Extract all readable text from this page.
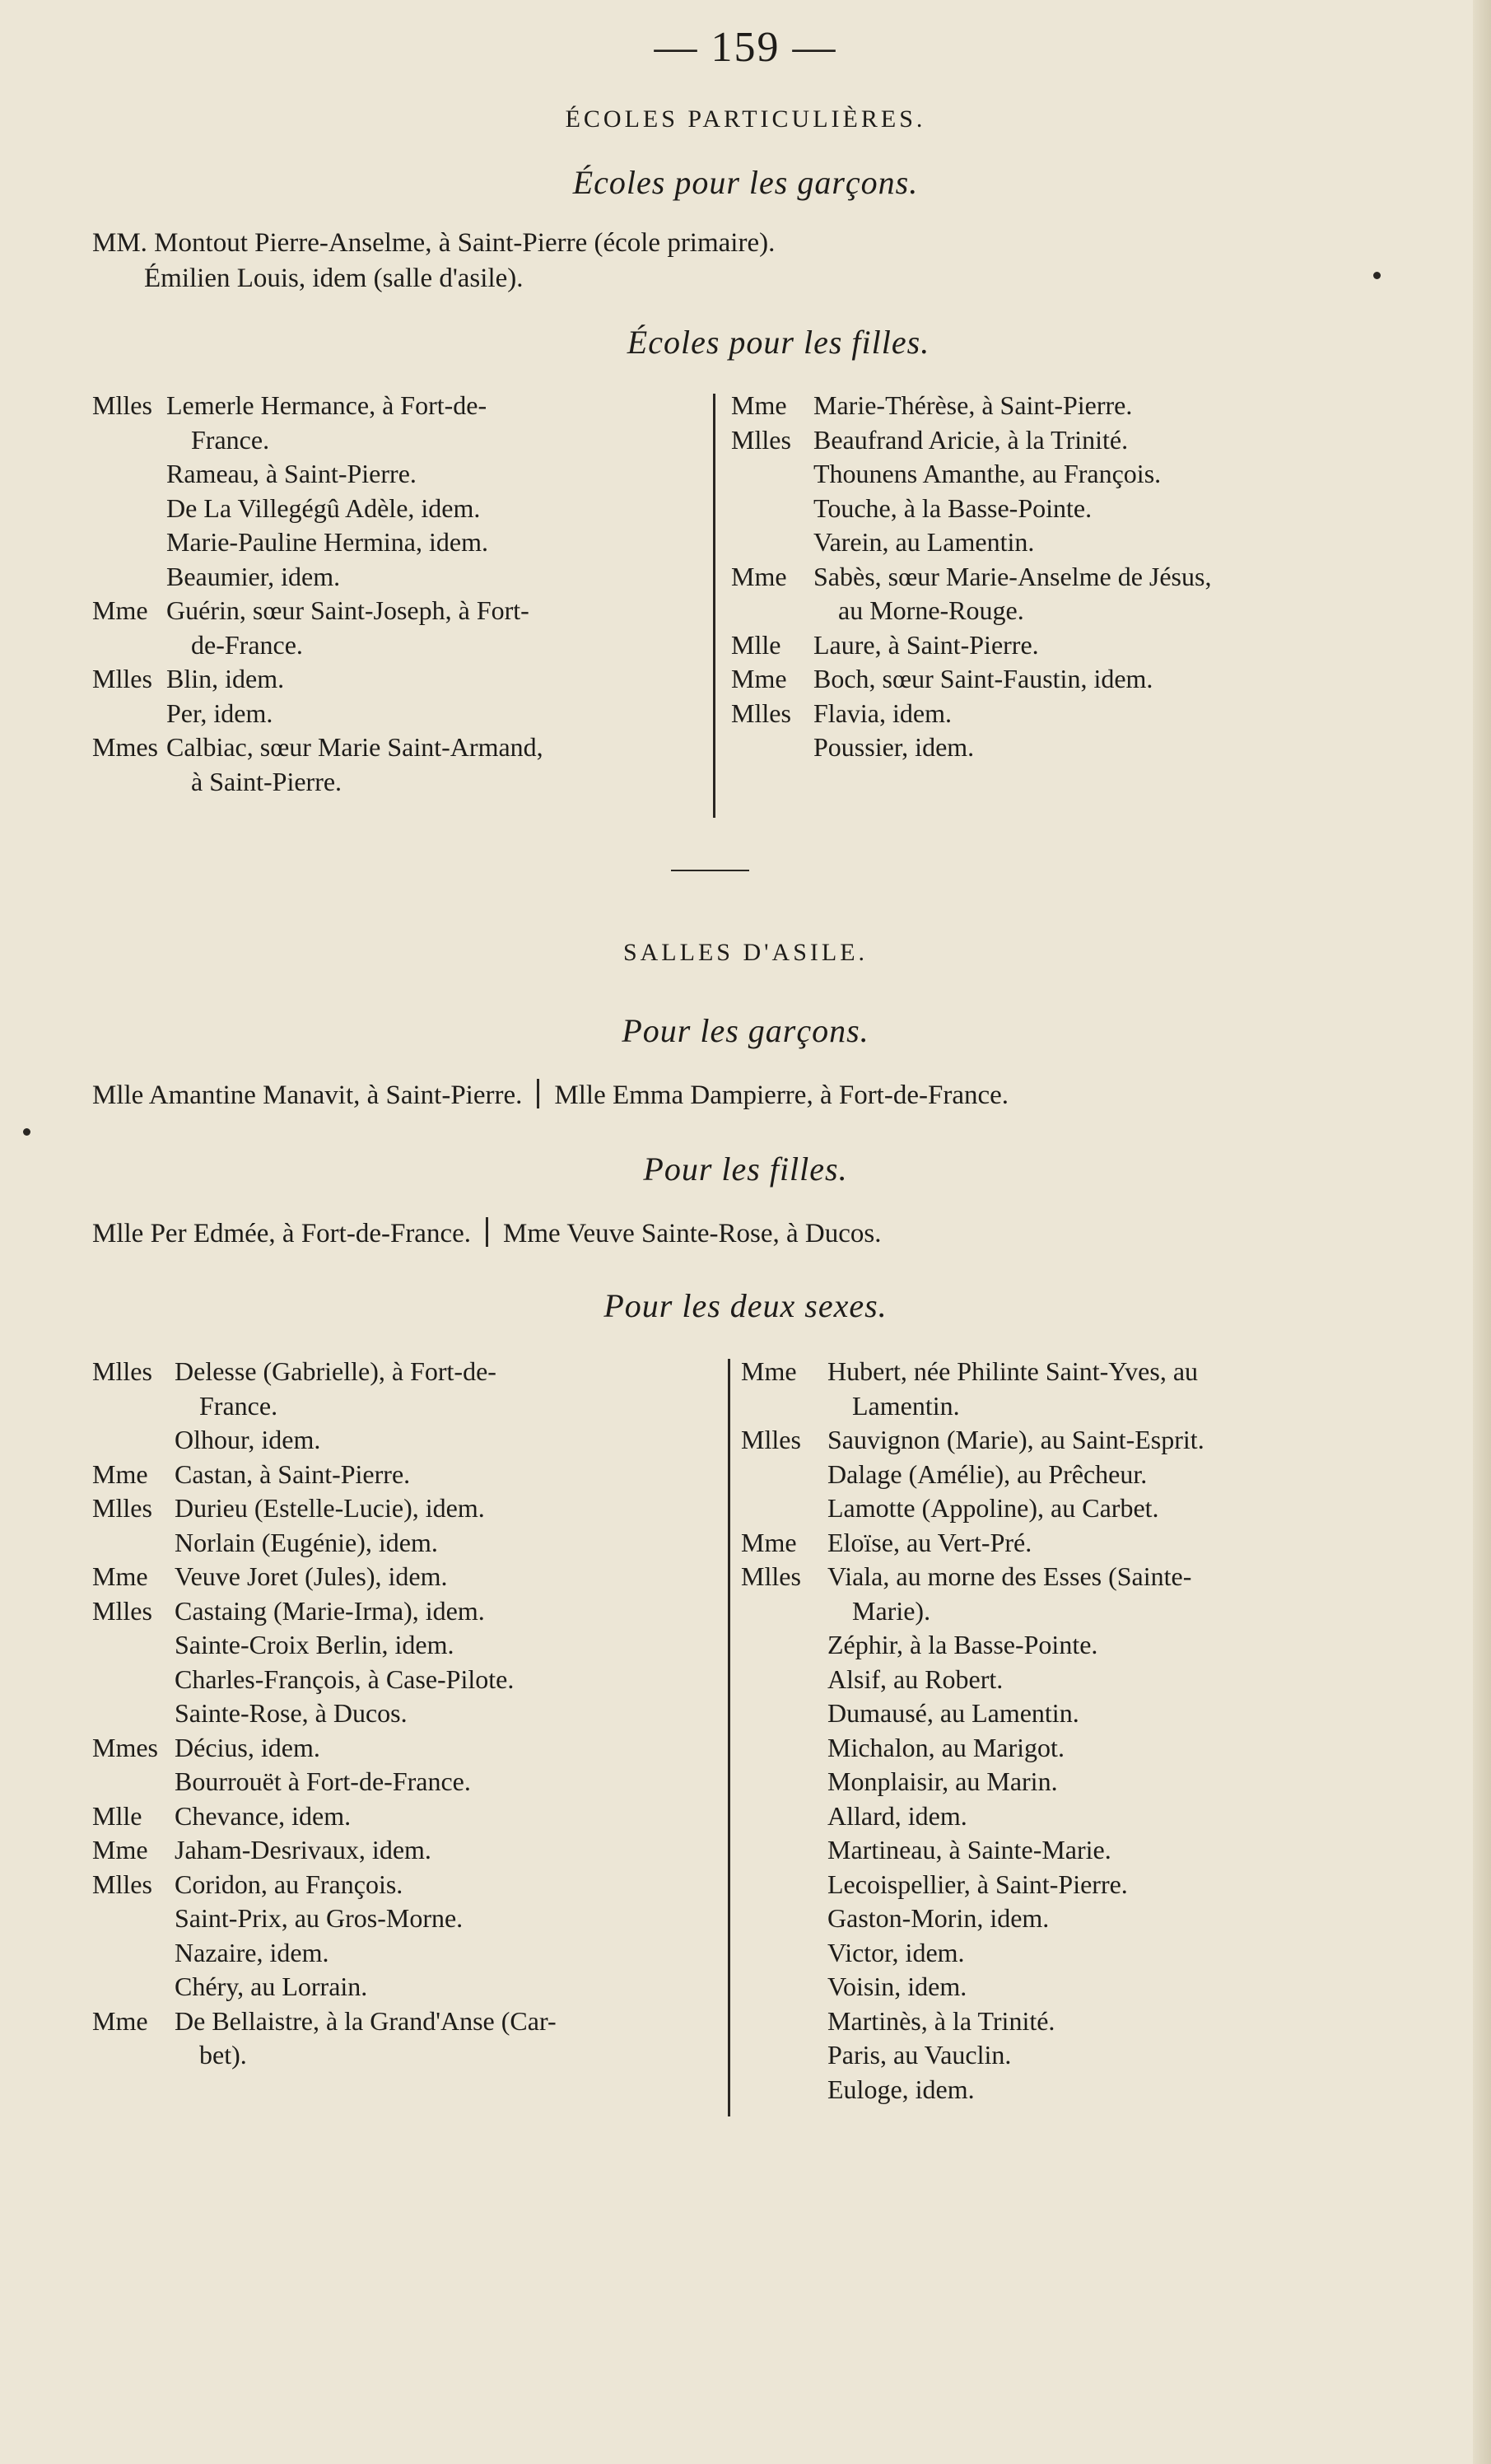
— 159 —
ÉCOLES PARTICULIÈRES.
Écoles pour les garçons.
MM. Montout Pierre-Anselme, à Saint-Pierre (école primaire).
Émilien Louis, idem (salle d'asile).
Écoles pour les filles.
Mlles Lemerle Hermance, à Fort-de-
France.
Rameau, à Saint-Pierre.
De La Villegégû Adèle, idem.
Marie-Pauline Hermina, idem.
Beaumier, idem.
Mme Guérin, sœur Saint-Joseph, à Fort-
de-France.
Mlles Blin, idem.
Per, idem.
Mmes Calbiac, sœur Marie Saint-Armand,
à Saint-Pierre.
Mme Marie-Thérèse, à Saint-Pierre.
Mlles Beaufrand Aricie, à la Trinité.
Thounens Amanthe, au François.
Touche, à la Basse-Pointe.
Varein, au Lamentin.
Mme Sabès, sœur Marie-Anselme de Jésus,
au Morne-Rouge.
Mlle Laure, à Saint-Pierre.
Mme Boch, sœur Saint-Faustin, idem.
Mlles Flavia, idem.
Poussier, idem.
SALLES D'ASILE.
Pour les garçons.
Mlle Amantine Manavit, à Saint-Pierre. Mlle Emma Dampierre, à Fort-de-France.
Pour les filles.
Mlle Per Edmée, à Fort-de-France. Mme Veuve Sainte-Rose, à Ducos.
Pour les deux sexes.
Mlles Delesse (Gabrielle), à Fort-de-
France.
Olhour, idem.
Mme Castan, à Saint-Pierre.
Mlles Durieu (Estelle-Lucie), idem.
Norlain (Eugénie), idem.
Mme Veuve Joret (Jules), idem.
Mlles Castaing (Marie-Irma), idem.
Sainte-Croix Berlin, idem.
Charles-François, à Case-Pilote.
Sainte-Rose, à Ducos.
Mmes Décius, idem.
Bourrouët à Fort-de-France.
Mlle Chevance, idem.
Mme Jaham-Desrivaux, idem.
Mlles Coridon, au François.
Saint-Prix, au Gros-Morne.
Nazaire, idem.
Chéry, au Lorrain.
Mme De Bellaistre, à la Grand'Anse (Car-
bet).
Mme Hubert, née Philinte Saint-Yves, au
Lamentin.
Mlles Sauvignon (Marie), au Saint-Esprit.
Dalage (Amélie), au Prêcheur.
Lamotte (Appoline), au Carbet.
Mme Eloïse, au Vert-Pré.
Mlles Viala, au morne des Esses (Sainte-
Marie).
Zéphir, à la Basse-Pointe.
Alsif, au Robert.
Dumausé, au Lamentin.
Michalon, au Marigot.
Monplaisir, au Marin.
Allard, idem.
Martineau, à Sainte-Marie.
Lecoispellier, à Saint-Pierre.
Gaston-Morin, idem.
Victor, idem.
Voisin, idem.
Martinès, à la Trinité.
Paris, au Vauclin.
Euloge, idem.
